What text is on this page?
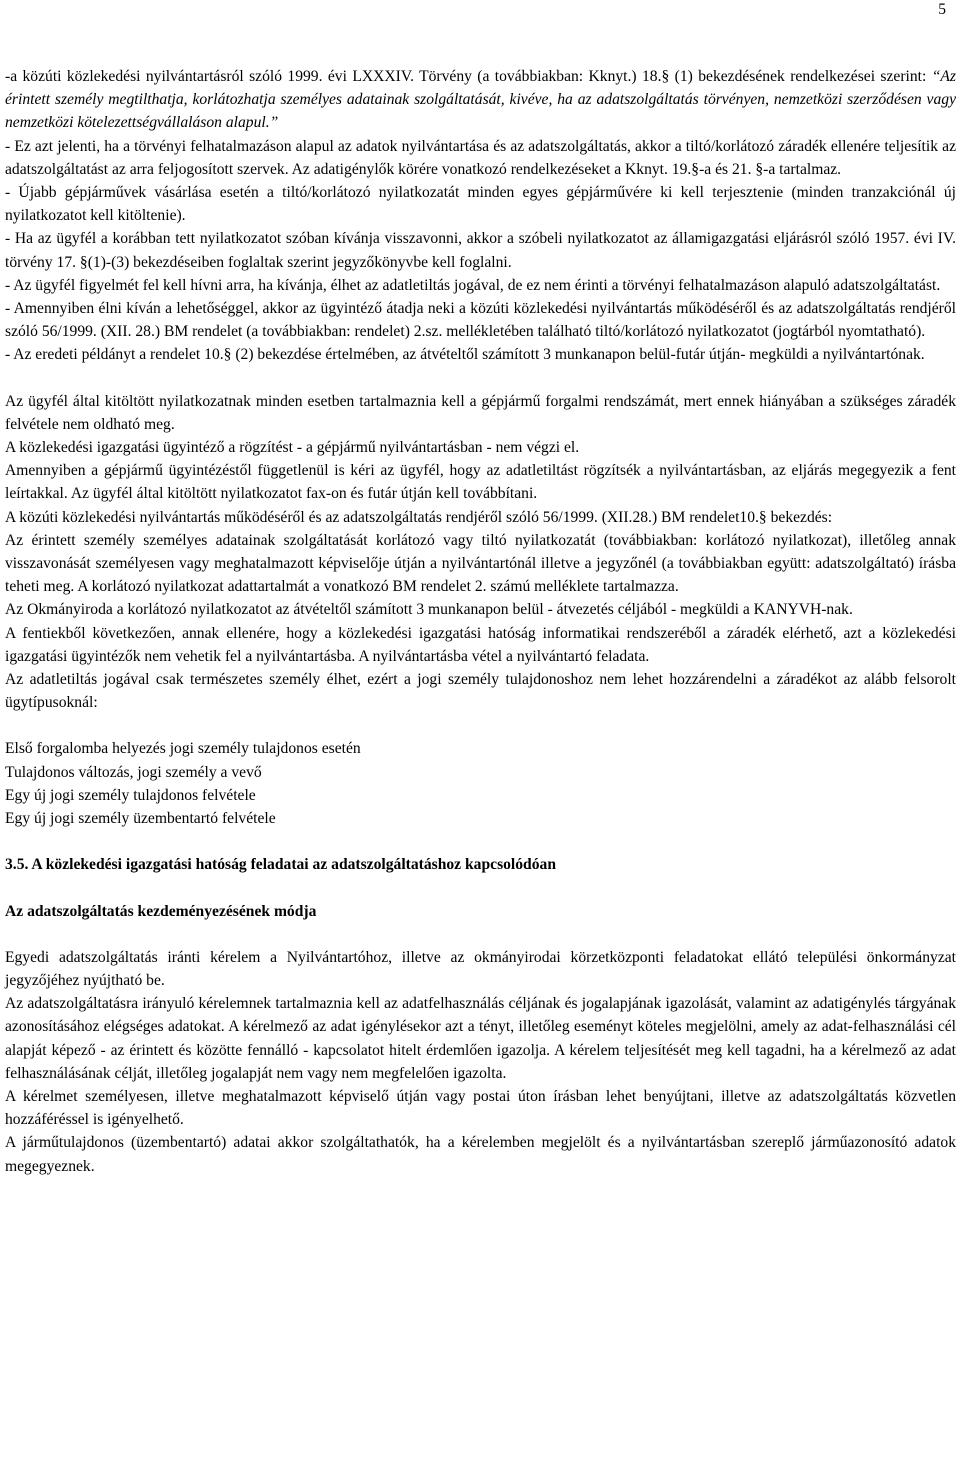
5

-a közúti közlekedési nyilvántartásról szóló 1999. évi LXXXIV. Törvény (a továbbiakban: Kknyt.) 18.§ (1) bekezdésének rendelkezései szerint: “Az érintett személy megtilthatja, korlátozhatja személyes adatainak szolgáltatását, kivéve, ha az adatszolgáltatás törvényen, nemzetközi szerződésen vagy nemzetközi kötelezettségvállaláson alapul.”

- Ez azt jelenti, ha a törvényi felhatalmazáson alapul az adatok nyilvántartása és az adatszolgáltatás, akkor a tiltó/korlátozó záradék ellenére teljesítik az adatszolgáltatást az arra feljogosított szervek. Az adatigénylők körére vonatkozó rendelkezéseket a Kknyt. 19.§-a és 21. §-a tartalmaz.

- Újabb gépjárművek vásárlása esetén a tiltó/korlátozó nyilatkozatát minden egyes gépjárművére ki kell terjesztenie (minden tranzakciónál új nyilatkozatot kell kitöltenie).

- Ha az ügyfél a korábban tett nyilatkozatot szóban kívánja visszavonni, akkor a szóbeli nyilatkozatot az államigazgatási eljárásról szóló 1957. évi IV. törvény 17. §(1)-(3) bekezdéseiben foglaltak szerint jegyzőkönyvbe kell foglalni.

- Az ügyfél figyelmét fel kell hívni arra, ha kívánja, élhet az adatletiltás jogával, de ez nem érinti a törvényi felhatalmazáson alapuló adatszolgáltatást.

- Amennyiben élni kíván a lehetőséggel, akkor az ügyintéző átadja neki a közúti közlekedési nyilvántartás működéséről és az adatszolgáltatás rendjéről szóló 56/1999. (XII. 28.) BM rendelet (a továbbiakban: rendelet) 2.sz. mellékletében található tiltó/korlátozó nyilatkozatot (jogtárból nyomtatható).

- Az eredeti példányt a rendelet 10.§ (2) bekezdése értelmében, az átvételtől számított 3 munkanapon belül-futár útján- megküldi a nyilvántartónak.

Az ügyfél által kitöltött nyilatkozatnak minden esetben tartalmaznia kell a gépjármű forgalmi rendszámát, mert ennek hiányában a szükséges záradék felvétele nem oldható meg.

A közlekedési igazgatási ügyintéző a rögzítést - a gépjármű nyilvántartásban - nem végzi el.

Amennyiben a gépjármű ügyintézéstől függetlenül is kéri az ügyfél, hogy az adatletiltást rögzítsék a nyilvántartásban, az eljárás megegyezik a fent leírtakkal. Az ügyfél által kitöltött nyilatkozatot fax-on és futár útján kell továbbítani.

A közúti közlekedési nyilvántartás működéséről és az adatszolgáltatás rendjéről szóló 56/1999. (XII.28.) BM rendelet10.§ bekezdés:

Az érintett személy személyes adatainak szolgáltatását korlátozó vagy tiltó nyilatkozatát (továbbiakban: korlátozó nyilatkozat), illetőleg annak visszavonását személyesen vagy meghatalmazott képviselője útján a nyilvántartónál illetve a jegyzőnél (a továbbiakban együtt: adatszolgáltató) írásba teheti meg. A korlátozó nyilatkozat adattartalmát a vonatkozó BM rendelet 2. számú melléklete tartalmazza.

Az Okmányiroda a korlátozó nyilatkozatot az átvételtől számított 3 munkanapon belül - átvezetés céljából - megküldi a KANYVH-nak.

A fentiekből következően, annak ellenére, hogy a közlekedési igazgatási hatóság informatikai rendszeréből a záradék elérhető, azt a közlekedési igazgatási ügyintézők nem vehetik fel a nyilvántartásba. A nyilvántartásba vétel a nyilvántartó feladata.

Az adatletiltás jogával csak természetes személy élhet, ezért a jogi személy tulajdonoshoz nem lehet hozzárendelni a záradékot az alább felsorolt ügytípusoknál:

Első forgalomba helyezés jogi személy tulajdonos esetén
Tulajdonos változás, jogi személy a vevő
Egy új jogi személy tulajdonos felvétele
Egy új jogi személy üzembentartó felvétele

3.5. A közlekedési igazgatási hatóság feladatai az adatszolgáltatáshoz kapcsolódóan

Az adatszolgáltatás kezdeményezésének módja

Egyedi adatszolgáltatás iránti kérelem a Nyilvántartóhoz, illetve az okmányirodai körzetközponti feladatokat ellátó települési önkormányzat jegyzőjéhez nyújtható be.

Az adatszolgáltatásra irányuló kérelemnek tartalmaznia kell az adatfelhasználás céljának és jogalapjának igazolását, valamint az adatigénylés tárgyának azonosításához elégséges adatokat. A kérelmező az adat igénylésekor azt a tényt, illetőleg eseményt köteles megjelölni, amely az adat-felhasználási cél alapját képező - az érintett és közötte fennálló - kapcsolatot hitelt érdemlően igazolja. A kérelem teljesítését meg kell tagadni, ha a kérelmező az adat felhasználásának célját, illetőleg jogalapját nem vagy nem megfelelően igazolta.

A kérelmet személyesen, illetve meghatalmazott képviselő útján vagy postai úton írásban lehet benyújtani, illetve az adatszolgáltatás közvetlen hozzáféréssel is igényelhető.

A járműtulajdonos (üzembentartó) adatai akkor szolgáltathatók, ha a kérelemben megjelölt és a nyilvántartásban szereplő járműazonosító adatok megegyeznek.
